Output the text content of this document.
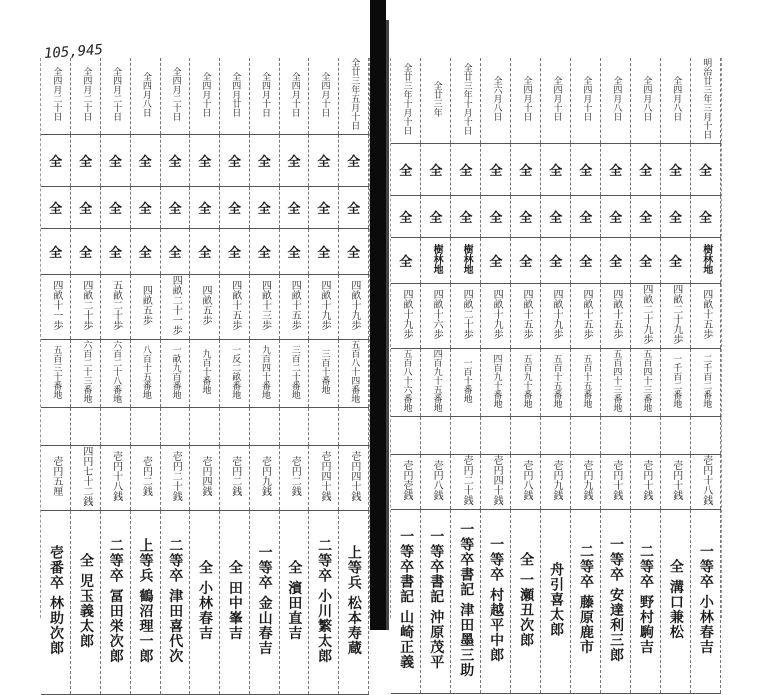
105,945
全四月二十日	全四月二十日	全四月二十日	全四月八日	全四月二十日	全四月十日	全四月廿日	全四月十日	全四月十日	全四月十日	全廿三年五月十日
全	全	全	全	全	全	全	全	全	全	全
全	全	全	全	全	全	全	全	全	全	全
全	全	全	全	全	全	全	全	全	全	全
四畝十一歩	四畝二十歩	五畝二十歩	四畝五歩	四畝二十一歩	四畝五歩	四畝十五歩	四畝十三歩	四畝十五歩	四畝十九歩	四畝十九歩
五百三十番地	六百二十三番地	六百二十八番地	八百十五番地	一畝九百番地	九百十番地	一反二畝番地	九百四十番地	三百二十番地	三百十番地	五百八十四番地

壱円五厘	四円七十二銭	壱円十八銭	壱円二銭	壱円二十銭	壱円四銭	壱円二銭	壱円九銭	壱円二銭	壱円四十銭	壱円四十銭
壱番卒 林助次郎	全 児玉義太郎	二等卒 冨田栄次郎	上等兵 鶴沼理一郎	二等卒 津田喜代次	全 小林春吉	全 田中峯吉	一等卒 金山春吉	全 濱田直吉	二等卒 小川繁太郎	上等兵 松本寿蔵
全廿三年十月十日	全廿三年	全廿三年十月十日	全六月八日	全四月十日	全四月十日	全四月十日	全四月八日	全四月八日	全四月八日	明治廿三年三月十日
全	全	全	全	全	全	全	全	全	全	全
全	全	全	全	全	全	全	全	全	全	全
全	樹林地	樹林地	全	全	全	全	全	全	全	樹林地
四畝十九歩	四畝十六歩	四畝二十歩	四畝十九歩	四畝十五歩	四畝十九歩	四畝十五歩	四畝十五歩	四畝二十九歩	四畝二十九歩	四畝十五歩
五百八十六番地	四百九十五番地	一百十番地	四百九十番地	五百九十番地	五百十五番地	五百十五番地	五百四十三番地	五百四十三番地	一千百二番地	二千百二番地

壱円壱銭	壱円八銭	壱円二十銭	壱円四十銭	壱円八銭	壱円九銭	壱円九銭	壱円十銭	壱円十銭	壱円十銭	壱円十八銭
一等卒書記 山崎正義	一等卒書記 沖原茂平	一等卒書記 津田墨三助	一等卒 村越平中郎	全 一瀬丑次郎	舟引喜太郎	二等卒 藤原鹿市	一等卒 安達利三郎	二等卒 野村駒吉	全 溝口兼松	一等卒 小林春吉
